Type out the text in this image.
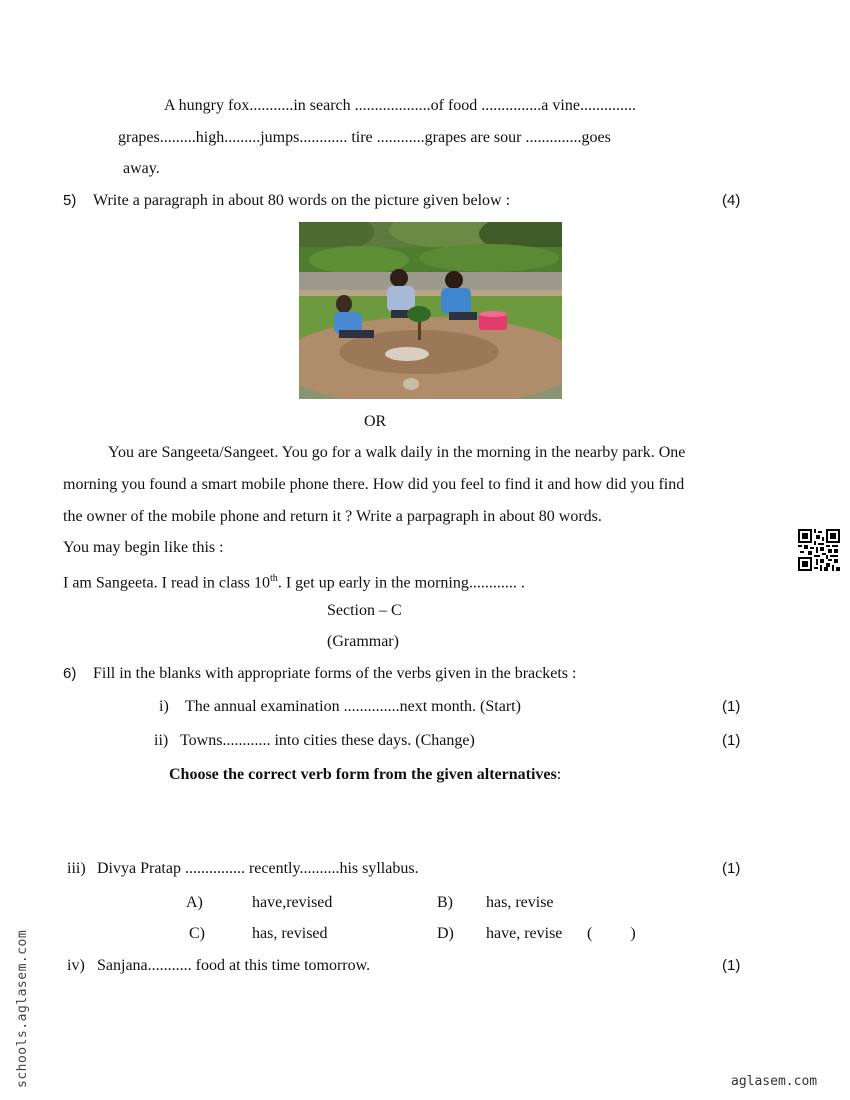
A hungry fox...........in search ...................of food ...............a vine..............
grapes.........high.........jumps............ tire ............grapes are sour ..............goes
away.
5) Write a paragraph in about 80 words on the picture given below :	(4)
OR
You are Sangeeta/Sangeet. You go for a walk daily in the morning in the nearby park. One
morning you found a smart mobile phone there. How did you feel to find it and how did you find
the owner of the mobile phone and return it ? Write a parpagraph in about 80 words.
You may begin like this :
I am Sangeeta. I read in class 10th. I get up early in the morning............ .
Section – C
(Grammar)
6) Fill in the blanks with appropriate forms of the verbs given in the brackets :
i) The annual examination ..............next month. (Start)	(1)
ii) Towns............ into cities these days. (Change)	(1)
Choose the correct verb form from the given alternatives:
iii) Divya Pratap ............... recently..........his syllabus.	(1)
A)	have,revised	B) has, revise
C)	has, revised	D) have, revise ( )
iv) Sanjana........... food at this time tomorrow.	(1)
schools.aglasem.com	aglasem.com
